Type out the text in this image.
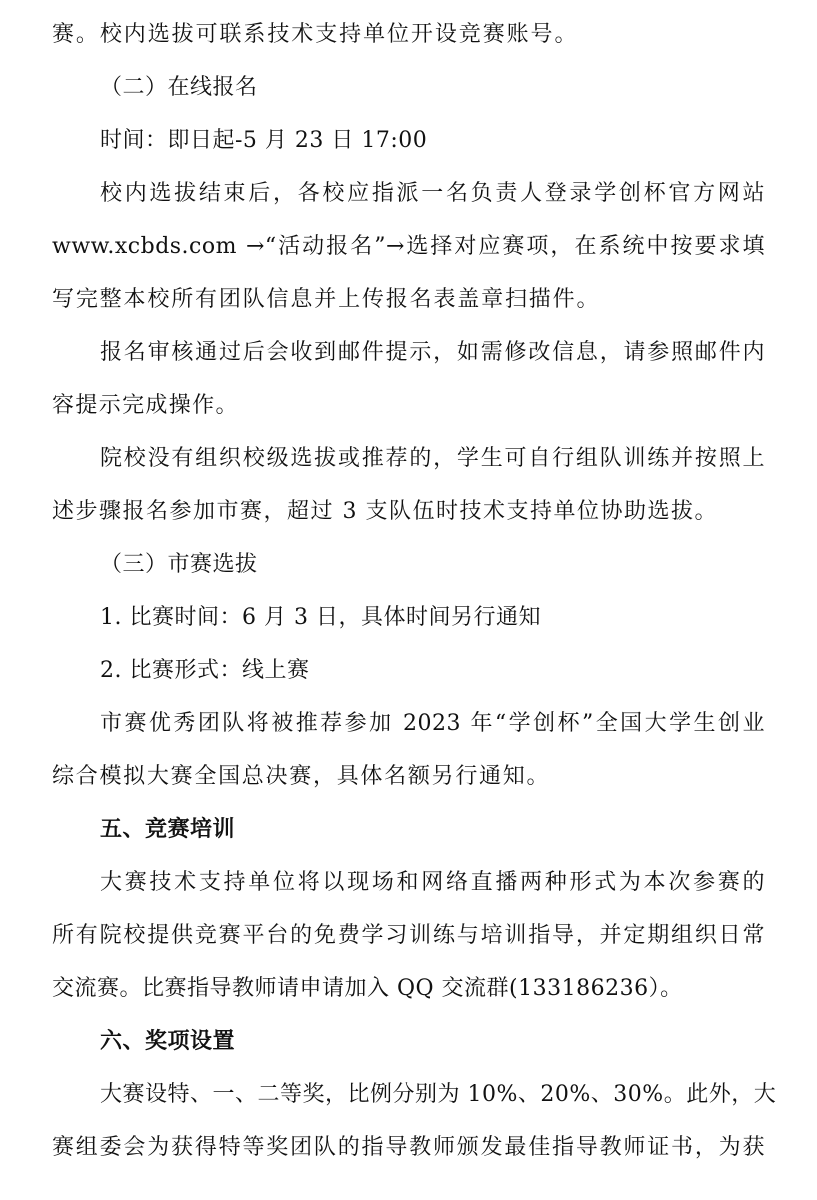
赛。校内选拔可联系技术支持单位开设竞赛账号。
（二）在线报名
时间：即日起-5 月 23 日 17:00
校内选拔结束后，各校应指派一名负责人登录学创杯官方网站
www.xcbds.com →“活动报名”→选择对应赛项，在系统中按要求填
写完整本校所有团队信息并上传报名表盖章扫描件。
报名审核通过后会收到邮件提示，如需修改信息，请参照邮件内
容提示完成操作。
院校没有组织校级选拔或推荐的，学生可自行组队训练并按照上
述步骤报名参加市赛，超过 3 支队伍时技术支持单位协助选拔。
（三）市赛选拔
1. 比赛时间：6 月 3 日，具体时间另行通知
2. 比赛形式：线上赛
市赛优秀团队将被推荐参加 2023 年“学创杯”全国大学生创业
综合模拟大赛全国总决赛，具体名额另行通知。
五、竞赛培训
大赛技术支持单位将以现场和网络直播两种形式为本次参赛的
所有院校提供竞赛平台的免费学习训练与培训指导，并定期组织日常
交流赛。比赛指导教师请申请加入 QQ 交流群(133186236）。
六、奖项设置
大赛设特、一、二等奖，比例分别为 10%、20%、30%。此外，大
赛组委会为获得特等奖团队的指导教师颁发最佳指导教师证书，为获
